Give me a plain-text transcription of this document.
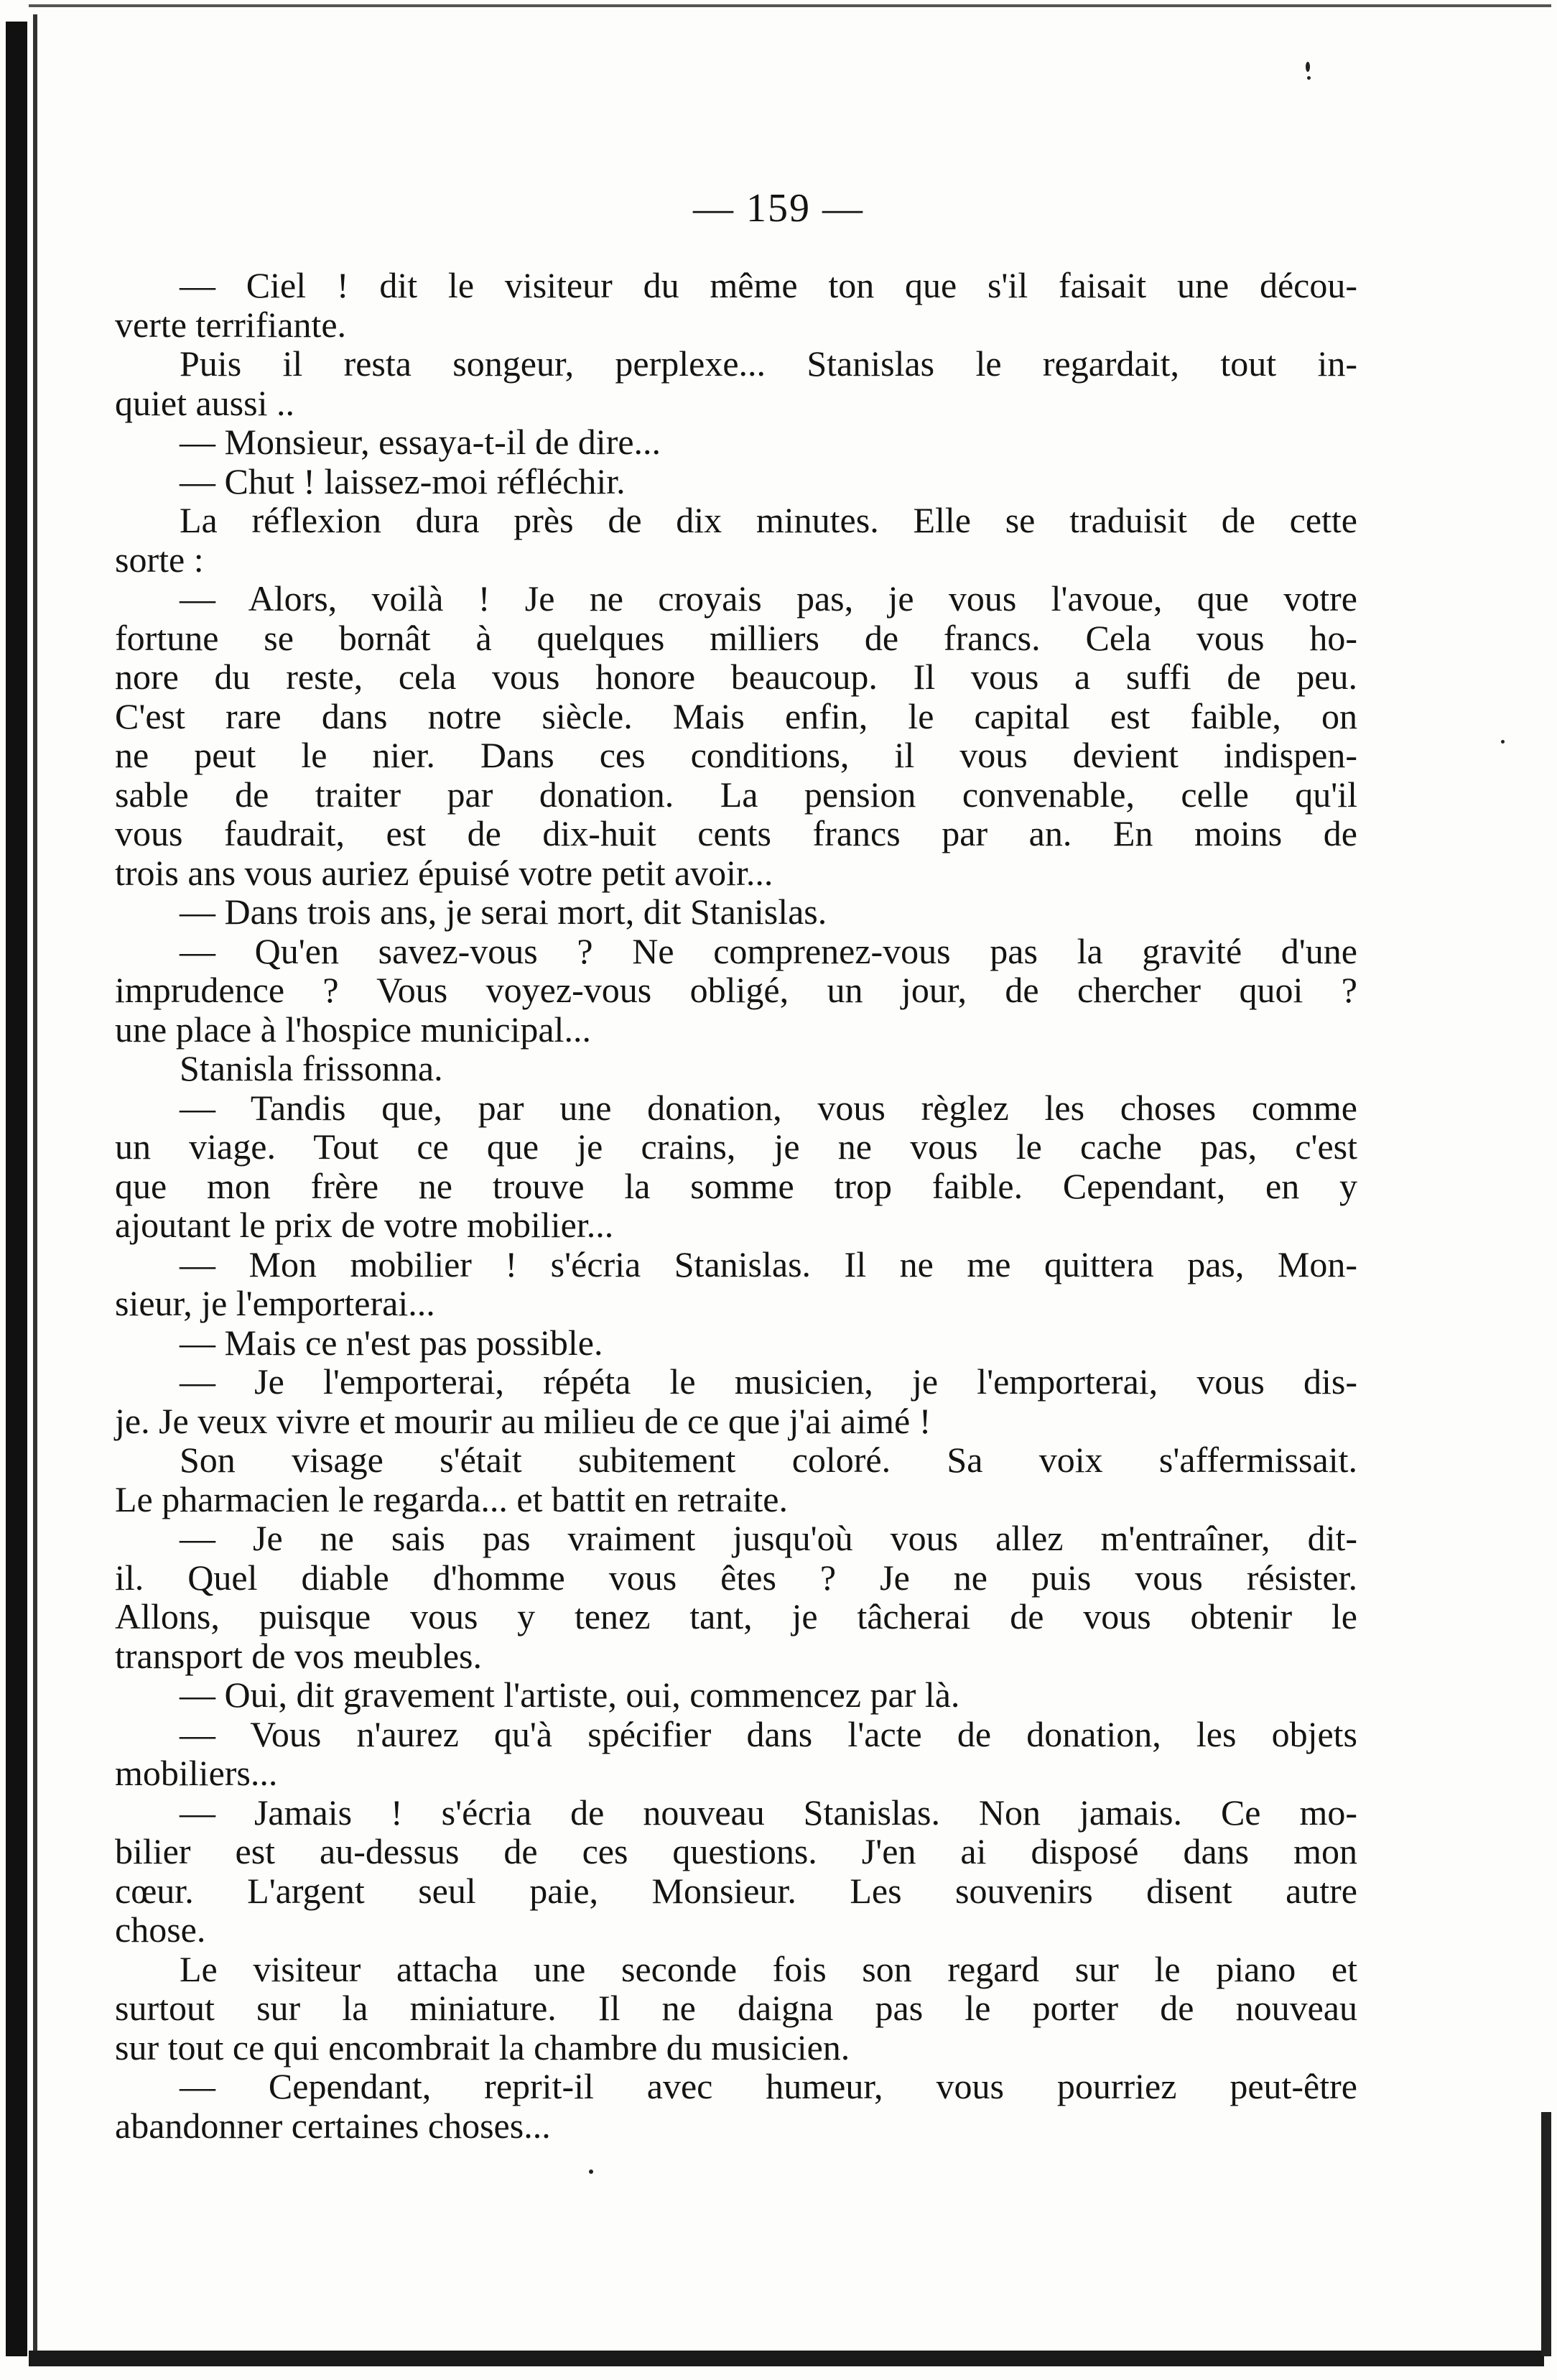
— 159 —
— Ciel ! dit le visiteur du même ton que s'il faisait une décou-
verte terrifiante.
Puis il resta songeur, perplexe... Stanislas le regardait, tout in-
quiet aussi ..
— Monsieur, essaya-t-il de dire...
— Chut ! laissez-moi réfléchir.
La réflexion dura près de dix minutes. Elle se traduisit de cette
sorte :
— Alors, voilà ! Je ne croyais pas, je vous l'avoue, que votre
fortune se bornât à quelques milliers de francs. Cela vous ho-
nore du reste, cela vous honore beaucoup. Il vous a suffi de peu.
C'est rare dans notre siècle. Mais enfin, le capital est faible, on
ne peut le nier. Dans ces conditions, il vous devient indispen-
sable de traiter par donation. La pension convenable, celle qu'il
vous faudrait, est de dix-huit cents francs par an. En moins de
trois ans vous auriez épuisé votre petit avoir...
— Dans trois ans, je serai mort, dit Stanislas.
— Qu'en savez-vous ? Ne comprenez-vous pas la gravité d'une
imprudence ? Vous voyez-vous obligé, un jour, de chercher quoi ?
une place à l'hospice municipal...
Stanisla frissonna.
— Tandis que, par une donation, vous règlez les choses comme
un viage. Tout ce que je crains, je ne vous le cache pas, c'est
que mon frère ne trouve la somme trop faible. Cependant, en y
ajoutant le prix de votre mobilier...
— Mon mobilier ! s'écria Stanislas. Il ne me quittera pas, Mon-
sieur, je l'emporterai...
— Mais ce n'est pas possible.
— Je l'emporterai, répéta le musicien, je l'emporterai, vous dis-
je. Je veux vivre et mourir au milieu de ce que j'ai aimé !
Son visage s'était subitement coloré. Sa voix s'affermissait.
Le pharmacien le regarda... et battit en retraite.
— Je ne sais pas vraiment jusqu'où vous allez m'entraîner, dit-
il. Quel diable d'homme vous êtes ? Je ne puis vous résister.
Allons, puisque vous y tenez tant, je tâcherai de vous obtenir le
transport de vos meubles.
— Oui, dit gravement l'artiste, oui, commencez par là.
— Vous n'aurez qu'à spécifier dans l'acte de donation, les objets
mobiliers...
— Jamais ! s'écria de nouveau Stanislas. Non jamais. Ce mo-
bilier est au-dessus de ces questions. J'en ai disposé dans mon
cœur. L'argent seul paie, Monsieur. Les souvenirs disent autre
chose.
Le visiteur attacha une seconde fois son regard sur le piano et
surtout sur la miniature. Il ne daigna pas le porter de nouveau
sur tout ce qui encombrait la chambre du musicien.
— Cependant, reprit-il avec humeur, vous pourriez peut-être
abandonner certaines choses...
